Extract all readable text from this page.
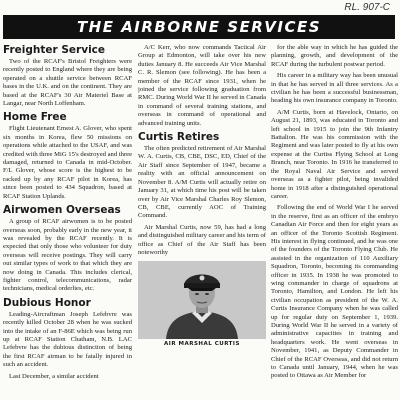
RL. 907-C
THE AIRBORNE SERVICES
Freighter Service

Two of the RCAF's Bristol Freighters were recently posted to England where they are being operated on a shuttle service between RCAF bases in the U.K. and on the continent. They are based at the RCAF's 30 Air Materiel Base at Langar, near North Loffenham.

Home Free

Flight Lieutenant Ernest A. Glover, who spent six months in Korea, flew 50 missions on operations while attached to the USAF, and was credited with three MiG 15's destroyed and three damaged, returned to Canada in mid-October. F/L Glover, whose score is the highest to be racked up by any RCAF pilot in Korea, has since been posted to 434 Squadron, based at RCAF Station Uplands.

Airwomen Overseas

A group of RCAF airwomen is to be posted overseas soon, probably early in the new year, it was revealed by the RCAF recently. It is expected that only those who volunteer for duty overseas will receive postings. They will carry out similar types of work to that which they are now doing in Canada. This includes clerical, fighter control, telecommunications, radar technicians, medical orderlies, etc.

Dubious Honor

Leading-Aircraftman Joseph Lefebvre was recently killed October 28 when he was sucked into the intake of an F-86E which was being run up at RCAF Station Chatham, N.B. LAC Lefebvre has the dubious distinction of being the first RCAF airman to be fatally injured in such an accident.

Last December, a similar accident

A/C Kerr, who now commands Tactical Air Group at Edmonton, will take over his new duties January 8. He succeeds Air Vice Marshal C. R. Slemon (see following). He has been a member of the RCAF since 1931, when he joined the service following graduation from RMC. During World War II he served in Canada in command of several training stations, and overseas in command of operational and advanced training units.

Curtis Retires

The often predicted retirement of Air Marshal W. A. Curtis, CB, CBE, DSC, ED, Chief of the Air Staff since September of 1947, became a reality with an official announcement on November 8. A/M Curtis will actually retire on January 31, at which time his post will be taken over by Air Vice Marshal Charles Roy Slemon, CB, CBE, currently AOC of Training Command.

Air Marshal Curtis, now 59, has had a long and distinguished military career and his term of office as Chief of the Air Staff has been noteworthy

AIR MARSHAL CURTIS

for the able way in which he has guided the planning, growth, and development of the RCAF during the turbulent postwar period.

His career in a military way has been unusual in that he has served in all three services. As a civilian he has been a successful businessman, heading his own insurance company in Toronto.

A/M Curtis, born at Havelock, Ontario, on August 21, 1893, was educated in Toronto and left school in 1915 to join the 9th Infantry Battalion. He was his commission with the Regiment and was later posted to fly at his own expense at the Curtiss Flying School at Long Branch, near Toronto. In 1916 he transferred to the Royal Naval Air Service and served overseas as a fighter pilot, being invalided home in 1918 after a distinguished operational career.

Following the end of World War I he served in the reserve, first as an officer of the embryo Canadian Air Force and then for eight years as an officer of the Toronto Scottish Regiment. His interest in flying continued, and he was one of the founders of the Toronto Flying Club. He assisted in the organization of 110 Auxiliary Squadron, Toronto, becoming its commanding officer in 1935. In 1938 he was promoted to wing commander in charge of squadrons at Toronto, Hamilton, and London. He left his civilian occupation as president of the W. A. Curtis Insurance Company when he was called up for regular duty on September 1, 1939. During World War II he served in a variety of administrative capacities in training and headquarters work. He went overseas in November, 1941, as Deputy Commander in Chief of the RCAF Overseas, and did not return to Canada until January, 1944, when he was posted to Ottawa as Air Member for
